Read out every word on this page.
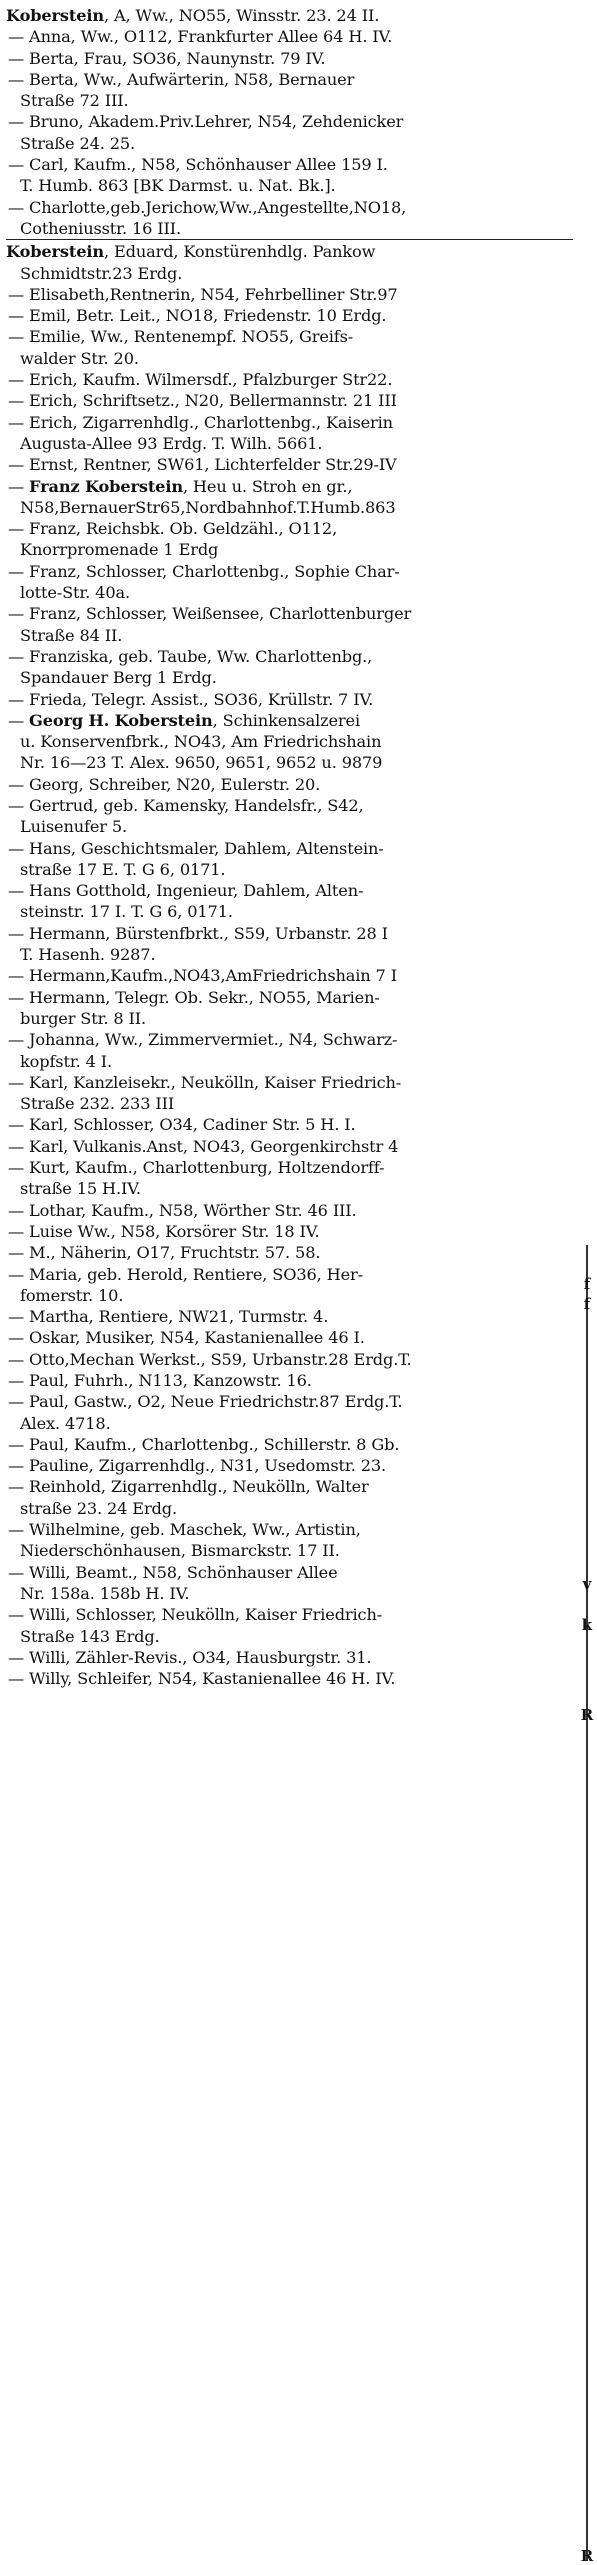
Koberstein, A, Ww., NO55, Winsstr. 23. 24 II.
— Anna, Ww., O112, Frankfurter Allee 64 H. IV.
— Berta, Frau, SO36, Naunynstr. 79 IV.
— Berta, Ww., Aufwärterin, N58, Bernauer
Straße 72 III.
— Bruno, Akadem.Priv.Lehrer, N54, Zehdenicker
Straße 24. 25.
— Carl, Kaufm., N58, Schönhauser Allee 159 I.
T. Humb. 863 [BK Darmst. u. Nat. Bk.].
— Charlotte,geb.Jerichow,Ww.,Angestellte,NO18,
Cotheniusstr. 16 III.
Koberstein, Eduard, Konstürenhdlg. Pankow
Schmidtstr.23 Erdg.
— Elisabeth,Rentnerin, N54, Fehrbelliner Str.97
— Emil, Betr. Leit., NO18, Friedenstr. 10 Erdg.
— Emilie, Ww., Rentenempf. NO55, Greifs-
walder Str. 20.
— Erich, Kaufm. Wilmersdf., Pfalzburger Str22.
— Erich, Schriftsetz., N20, Bellermannstr. 21 III
— Erich, Zigarrenhdlg., Charlottenbg., Kaiserin
Augusta-Allee 93 Erdg. T. Wilh. 5661.
— Ernst, Rentner, SW61, Lichterfelder Str.29-IV
— Franz Koberstein, Heu u. Stroh en gr.,
N58,BernauerStr65,Nordbahnhof.T.Humb.863
— Franz, Reichsbk. Ob. Geldzähl., O112,
Knorrpromenade 1 Erdg
— Franz, Schlosser, Charlottenbg., Sophie Char-
lotte-Str. 40a.
— Franz, Schlosser, Weißensee, Charlottenburger
Straße 84 II.
— Franziska, geb. Taube, Ww. Charlottenbg.,
Spandauer Berg 1 Erdg.
— Frieda, Telegr. Assist., SO36, Krüllstr. 7 IV.
— Georg H. Koberstein, Schinkensalzerei
u. Konservenfbrk., NO43, Am Friedrichshain
Nr. 16—23 T. Alex. 9650, 9651, 9652 u. 9879
— Georg, Schreiber, N20, Eulerstr. 20.
— Gertrud, geb. Kamensky, Handelsfr., S42,
Luisenufer 5.
— Hans, Geschichtsmaler, Dahlem, Altenstein-
straße 17 E. T. G 6, 0171.
— Hans Gotthold, Ingenieur, Dahlem, Alten-
steinstr. 17 I. T. G 6, 0171.
— Hermann, Bürstenfbrkt., S59, Urbanstr. 28 I
T. Hasenh. 9287.
— Hermann,Kaufm.,NO43,AmFriedrichshain 7 I
— Hermann, Telegr. Ob. Sekr., NO55, Marien-
burger Str. 8 II.
— Johanna, Ww., Zimmervermiet., N4, Schwarz-
kopfstr. 4 I.
— Karl, Kanzleisekr., Neukölln, Kaiser Friedrich-
Straße 232. 233 III
— Karl, Schlosser, O34, Cadiner Str. 5 H. I.
— Karl, Vulkanis.Anst, NO43, Georgenkirchstr 4
— Kurt, Kaufm., Charlottenburg, Holtzendorff-
straße 15 H.IV.
— Lothar, Kaufm., N58, Wörther Str. 46 III.
— Luise Ww., N58, Korsörer Str. 18 IV.
— M., Näherin, O17, Fruchtstr. 57. 58.
— Maria, geb. Herold, Rentiere, SO36, Her-
fomerstr. 10.
— Martha, Rentiere, NW21, Turmstr. 4.
— Oskar, Musiker, N54, Kastanienallee 46 I.
— Otto,Mechan Werkst., S59, Urbanstr.28 Erdg.T.
— Paul, Fuhrh., N113, Kanzowstr. 16.
— Paul, Gastw., O2, Neue Friedrichstr.87 Erdg.T.
Alex. 4718.
— Paul, Kaufm., Charlottenbg., Schillerstr. 8 Gb.
— Pauline, Zigarrenhdlg., N31, Usedomstr. 23.
— Reinhold, Zigarrenhdlg., Neukölln, Walter
straße 23. 24 Erdg.
— Wilhelmine, geb. Maschek, Ww., Artistin,
Niederschönhausen, Bismarckstr. 17 II.
— Willi, Beamt., N58, Schönhauser Allee
Nr. 158a. 158b H. IV.
— Willi, Schlosser, Neukölln, Kaiser Friedrich-
Straße 143 Erdg.
— Willi, Zähler-Revis., O34, Hausburgstr. 31.
— Willy, Schleifer, N54, Kastanienallee 46 H. IV.
f
f
v
k
R
R
